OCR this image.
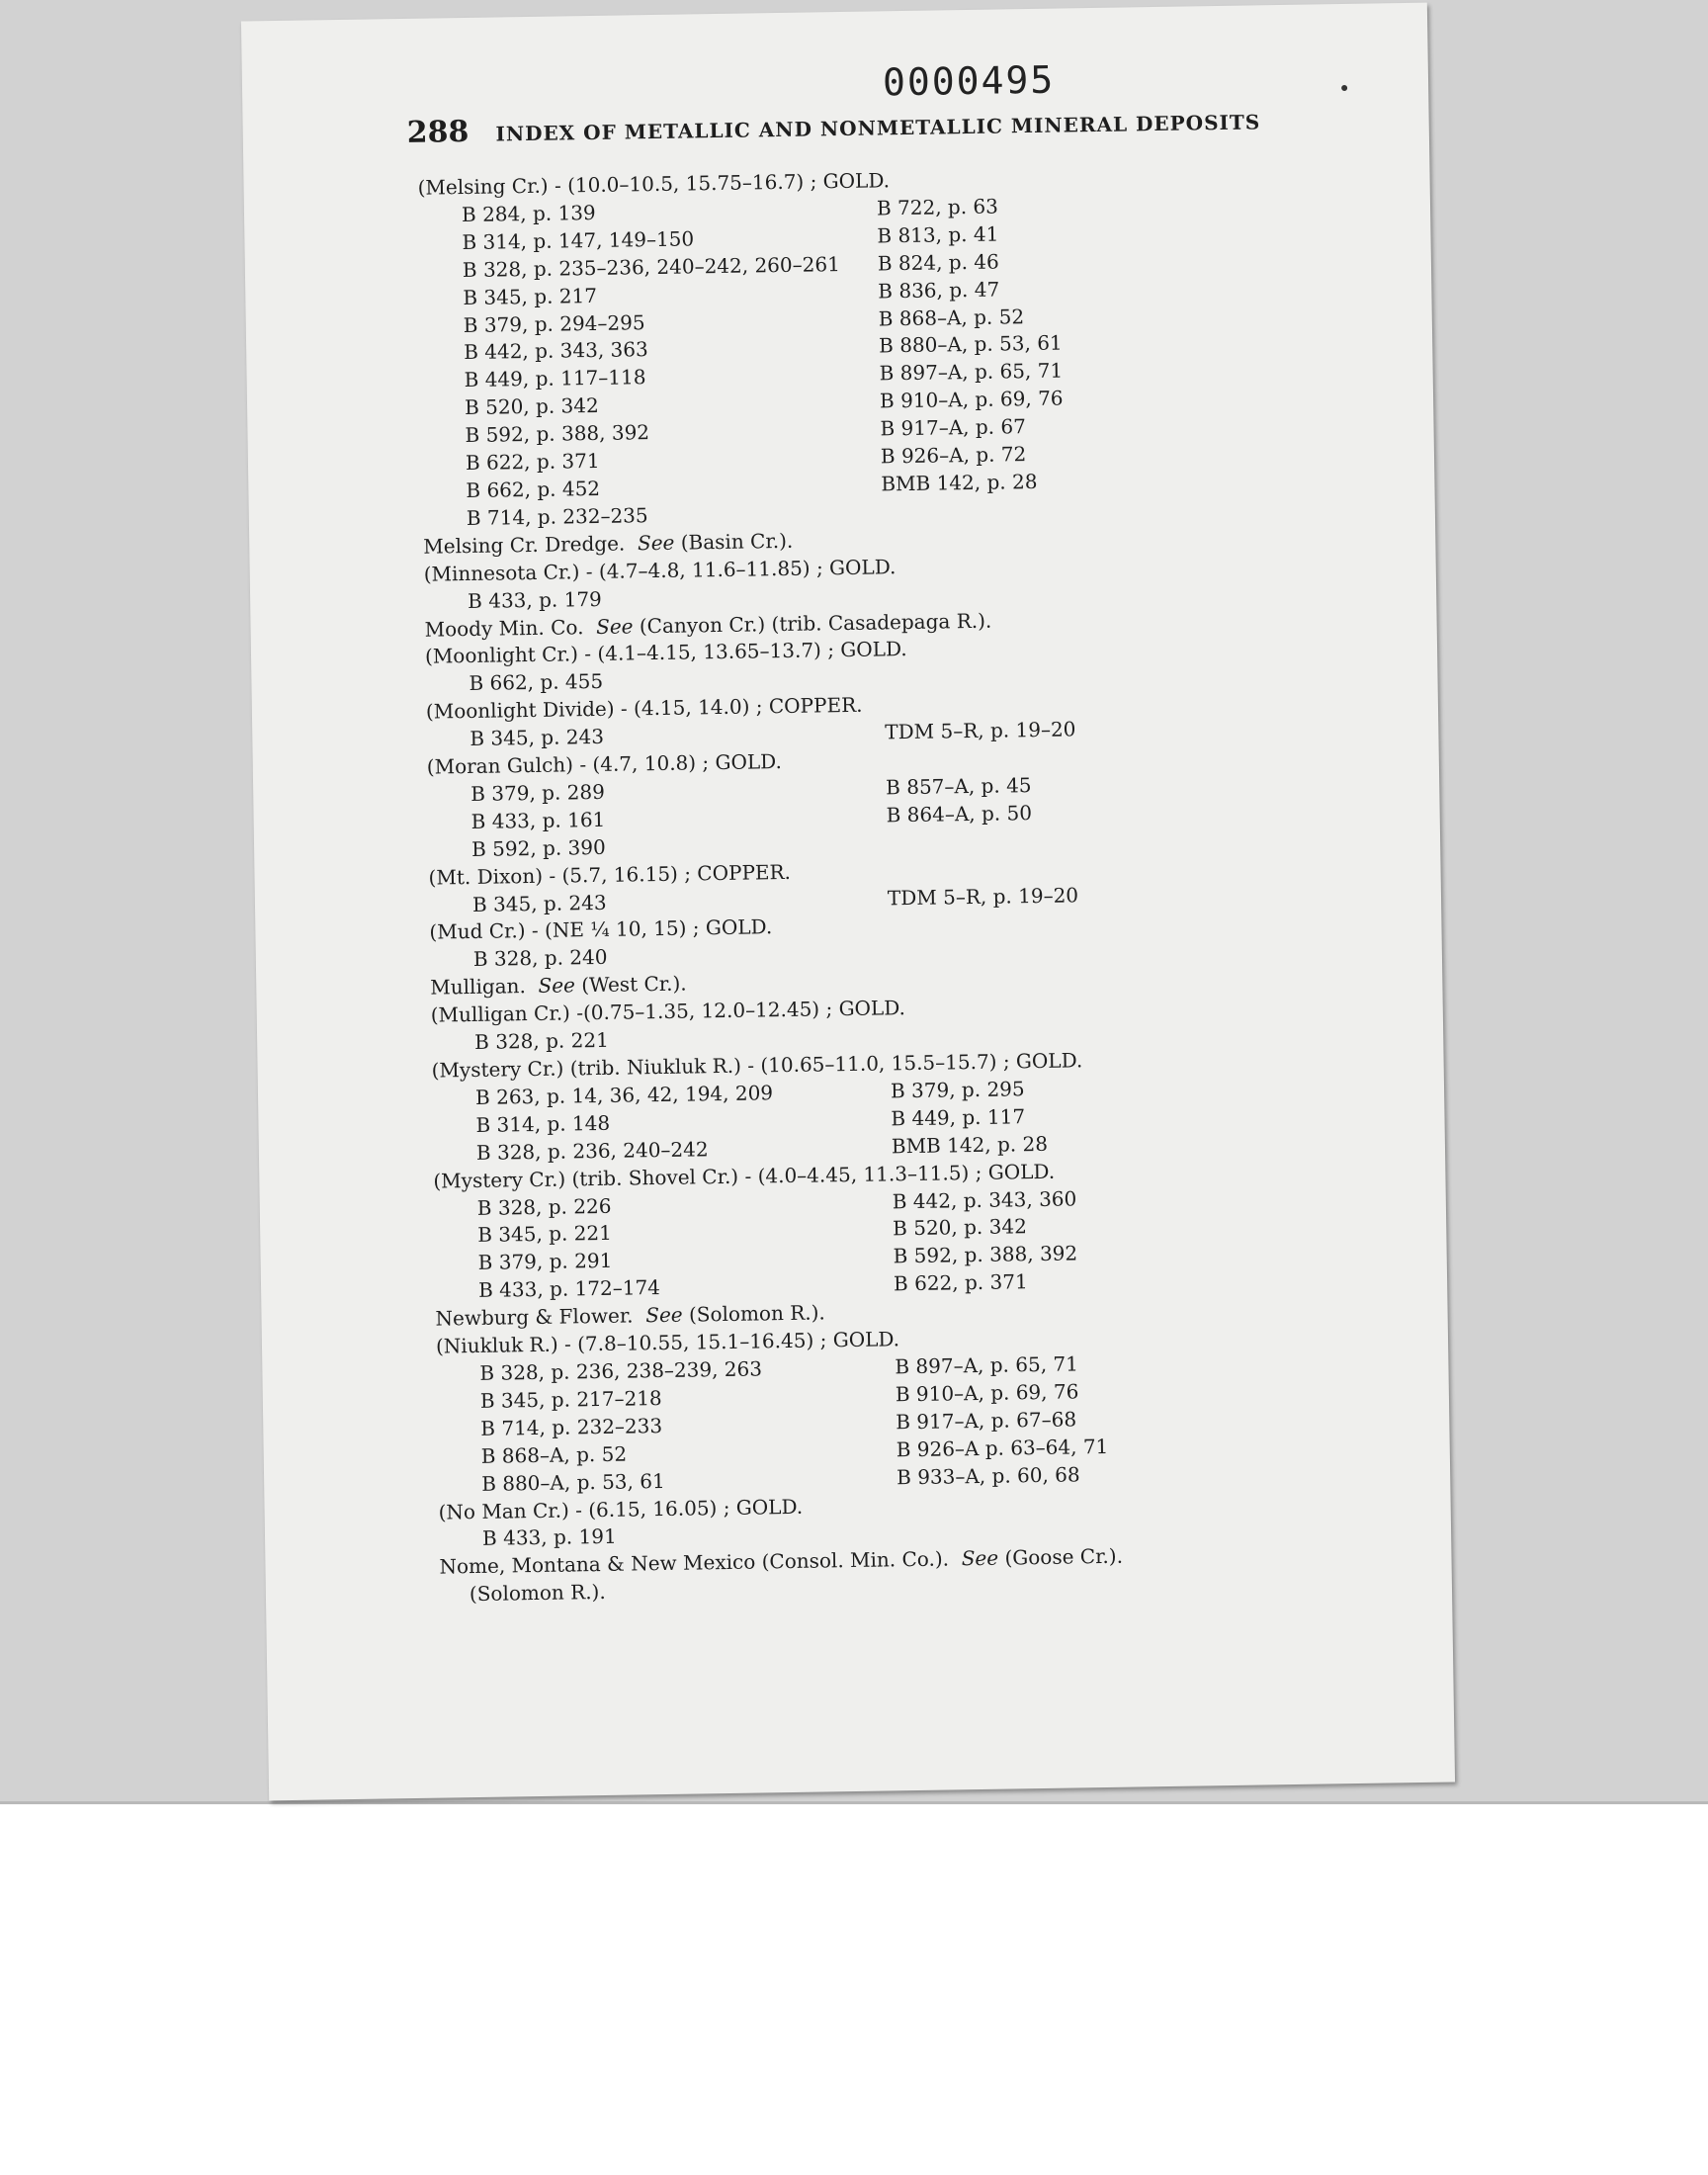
0000495
288 INDEX OF METALLIC AND NONMETALLIC MINERAL DEPOSITS
(Melsing Cr.) - (10.0–10.5, 15.75–16.7) ; GOLD.
B 284, p. 139
B 314, p. 147, 149–150
B 328, p. 235–236, 240–242, 260–261
B 345, p. 217
B 379, p. 294–295
B 442, p. 343, 363
B 449, p. 117–118
B 520, p. 342
B 592, p. 388, 392
B 622, p. 371
B 662, p. 452
B 714, p. 232–235
B 722, p. 63
B 813, p. 41
B 824, p. 46
B 836, p. 47
B 868–A, p. 52
B 880–A, p. 53, 61
B 897–A, p. 65, 71
B 910–A, p. 69, 76
B 917–A, p. 67
B 926–A, p. 72
BMB 142, p. 28
Melsing Cr. Dredge. See (Basin Cr.).
(Minnesota Cr.) - (4.7–4.8, 11.6–11.85) ; GOLD.
B 433, p. 179
Moody Min. Co. See (Canyon Cr.) (trib. Casadepaga R.).
(Moonlight Cr.) - (4.1–4.15, 13.65–13.7) ; GOLD.
B 662, p. 455
(Moonlight Divide) - (4.15, 14.0) ; COPPER.
B 345, p. 243	TDM 5–R, p. 19–20
(Moran Gulch) - (4.7, 10.8) ; GOLD.
B 379, p. 289
B 433, p. 161
B 592, p. 390
B 857–A, p. 45
B 864–A, p. 50
(Mt. Dixon) - (5.7, 16.15) ; COPPER.
B 345, p. 243	TDM 5–R, p. 19–20
(Mud Cr.) - (NE ¼ 10, 15) ; GOLD.
B 328, p. 240
Mulligan. See (West Cr.).
(Mulligan Cr.) -(0.75–1.35, 12.0–12.45) ; GOLD.
B 328, p. 221
(Mystery Cr.) (trib. Niukluk R.) - (10.65–11.0, 15.5–15.7) ; GOLD.
B 263, p. 14, 36, 42, 194, 209
B 314, p. 148
B 328, p. 236, 240–242
B 379, p. 295
B 449, p. 117
BMB 142, p. 28
(Mystery Cr.) (trib. Shovel Cr.) - (4.0–4.45, 11.3–11.5) ; GOLD.
B 328, p. 226
B 345, p. 221
B 379, p. 291
B 433, p. 172–174
B 442, p. 343, 360
B 520, p. 342
B 592, p. 388, 392
B 622, p. 371
Newburg & Flower. See (Solomon R.).
(Niukluk R.) - (7.8–10.55, 15.1–16.45) ; GOLD.
B 328, p. 236, 238–239, 263
B 345, p. 217–218
B 714, p. 232–233
B 868–A, p. 52
B 880–A, p. 53, 61
B 897–A, p. 65, 71
B 910–A, p. 69, 76
B 917–A, p. 67–68
B 926–A p. 63–64, 71
B 933–A, p. 60, 68
(No Man Cr.) - (6.15, 16.05) ; GOLD.
B 433, p. 191
Nome, Montana & New Mexico (Consol. Min. Co.). See (Goose Cr.).
(Solomon R.).
